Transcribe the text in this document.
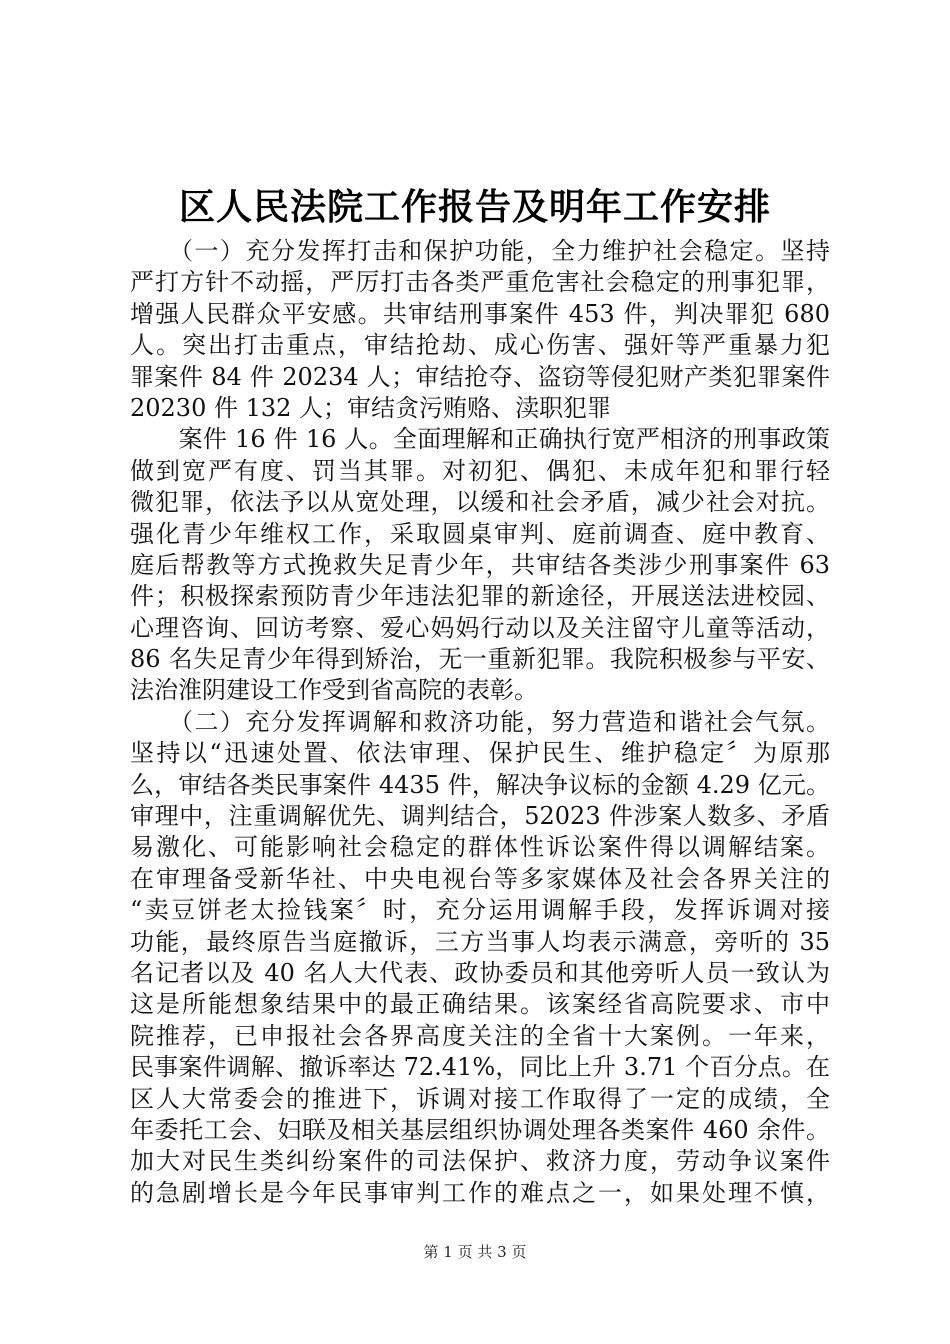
区人民法院工作报告及明年工作安排
　　（一）充分发挥打击和保护功能，全力维护社会稳定。坚持
严打方针不动摇，严厉打击各类严重危害社会稳定的刑事犯罪，
增强人民群众平安感。共审结刑事案件 453 件，判决罪犯 680
人。突出打击重点，审结抢劫、成心伤害、强奸等严重暴力犯
罪案件 84 件 20234 人；审结抢夺、盗窃等侵犯财产类犯罪案件
20230 件 132 人；审结贪污贿赂、渎职犯罪
　　案件 16 件 16 人。全面理解和正确执行宽严相济的刑事政策
做到宽严有度、罚当其罪。对初犯、偶犯、未成年犯和罪行轻
微犯罪，依法予以从宽处理，以缓和社会矛盾，减少社会对抗。
强化青少年维权工作，采取圆桌审判、庭前调查、庭中教育、
庭后帮教等方式挽救失足青少年，共审结各类涉少刑事案件 63
件；积极探索预防青少年违法犯罪的新途径，开展送法进校园、
心理咨询、回访考察、爱心妈妈行动以及关注留守儿童等活动，
86 名失足青少年得到矫治，无一重新犯罪。我院积极参与平安、
法治淮阴建设工作受到省高院的表彰。
　　（二）充分发挥调解和救济功能，努力营造和谐社会气氛。
坚持以“迅速处置、依法审理、保护民生、维护稳定〞为原那
么，审结各类民事案件 4435 件，解决争议标的金额 4.29 亿元。
审理中，注重调解优先、调判结合，52023 件涉案人数多、矛盾
易激化、可能影响社会稳定的群体性诉讼案件得以调解结案。
在审理备受新华社、中央电视台等多家媒体及社会各界关注的
“卖豆饼老太捡钱案〞时，充分运用调解手段，发挥诉调对接
功能，最终原告当庭撤诉，三方当事人均表示满意，旁听的 35
名记者以及 40 名人大代表、政协委员和其他旁听人员一致认为
这是所能想象结果中的最正确结果。该案经省高院要求、市中
院推荐，已申报社会各界高度关注的全省十大案例。一年来，
民事案件调解、撤诉率达 72.41%，同比上升 3.71 个百分点。在
区人大常委会的推进下，诉调对接工作取得了一定的成绩，全
年委托工会、妇联及相关基层组织协调处理各类案件 460 余件。
加大对民生类纠纷案件的司法保护、救济力度，劳动争议案件
的急剧增长是今年民事审判工作的难点之一，如果处理不慎，
第 1 页 共 3 页
